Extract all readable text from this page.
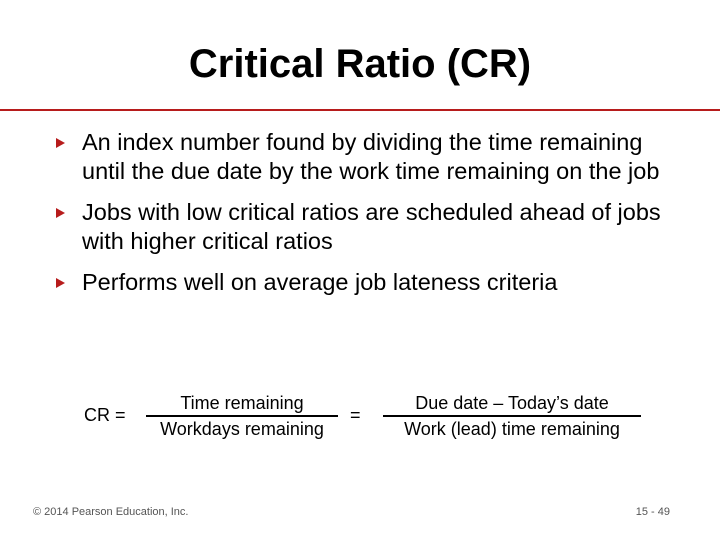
Critical Ratio (CR)
An index number found by dividing the time remaining until the due date by the work time remaining on the job
Jobs with low critical ratios are scheduled ahead of jobs with higher critical ratios
Performs well on average job lateness criteria
CR =
Time remaining
Workdays remaining
=
Due date – Today’s date
Work (lead) time remaining
© 2014 Pearson Education, Inc.	15 - 49
